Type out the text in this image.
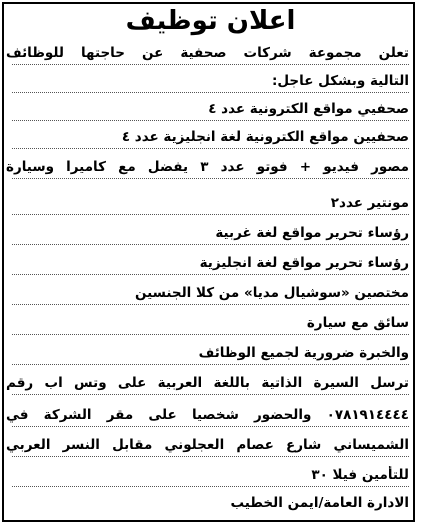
اعلان توظيف
تعلن مجموعة شركات صحفية عن حاجتها للوظائف
التالية وبشكل عاجل:
صحفيي مواقع الكترونية عدد ٤
صحفيين مواقع الكترونية لغة انجليزية عدد ٤
مصور فيديو + فوتو عدد ٣ يفضل مع كاميرا وسيارة
مونتير عدد٢
رؤساء تحرير مواقع لغة غربية
رؤساء تحرير مواقع لغة انجليزية
مختصين «سوشيال مديا» من كلا الجنسين
سائق مع سيارة
والخبرة ضرورية لجميع الوظائف
ترسل السيرة الذاتية باللغة العربية على وتس اب رقم
٠٧٨١٩١٤٤٤٤ والحضور شخصيا على مقر الشركة في
الشميساني شارع عصام العجلوني مقابل النسر العربي
للتأمين فيلا ٣٠
الادارة العامة/ايمن الخطيب
